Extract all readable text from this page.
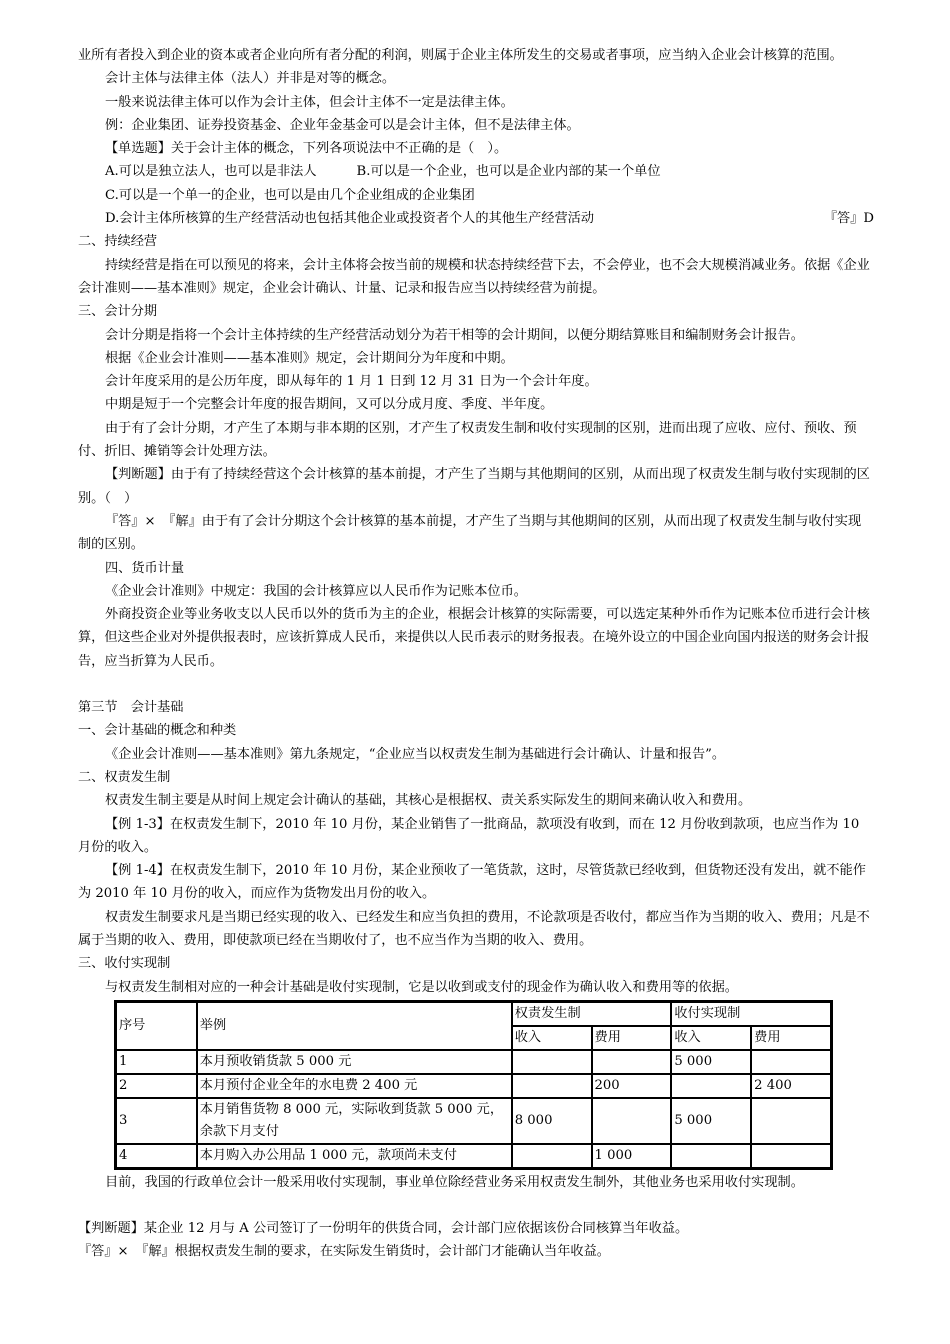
业所有者投入到企业的资本或者企业向所有者分配的利润，则属于企业主体所发生的交易或者事项，应当纳入企业会计核算的范围。

会计主体与法律主体（法人）并非是对等的概念。

一般来说法律主体可以作为会计主体，但会计主体不一定是法律主体。

例：企业集团、证券投资基金、企业年金基金可以是会计主体，但不是法律主体。

【单选题】关于会计主体的概念，下列各项说法中不正确的是（　）。

A.可以是独立法人，也可以是非法人	B.可以是一个企业，也可以是企业内部的某一个单位

C.可以是一个单一的企业，也可以是由几个企业组成的企业集团

D.会计主体所核算的生产经营活动也包括其他企业或投资者个人的其他生产经营活动	『答』D

二、持续经营

持续经营是指在可以预见的将来，会计主体将会按当前的规模和状态持续经营下去，不会停业，也不会大规模消减业务。依据《企业会计准则——基本准则》规定，企业会计确认、计量、记录和报告应当以持续经营为前提。

三、会计分期

会计分期是指将一个会计主体持续的生产经营活动划分为若干相等的会计期间，以便分期结算账目和编制财务会计报告。

根据《企业会计准则——基本准则》规定，会计期间分为年度和中期。

会计年度采用的是公历年度，即从每年的 1 月 1 日到 12 月 31 日为一个会计年度。

中期是短于一个完整会计年度的报告期间，又可以分成月度、季度、半年度。

由于有了会计分期，才产生了本期与非本期的区别，才产生了权责发生制和收付实现制的区别，进而出现了应收、应付、预收、预付、折旧、摊销等会计处理方法。

【判断题】由于有了持续经营这个会计核算的基本前提，才产生了当期与其他期间的区别，从而出现了权责发生制与收付实现制的区别。（　）

『答』×　『解』由于有了会计分期这个会计核算的基本前提，才产生了当期与其他期间的区别，从而出现了权责发生制与收付实现制的区别。

四、货币计量

《企业会计准则》中规定：我国的会计核算应以人民币作为记账本位币。

外商投资企业等业务收支以人民币以外的货币为主的企业，根据会计核算的实际需要，可以选定某种外币作为记账本位币进行会计核算，但这些企业对外提供报表时，应该折算成人民币，来提供以人民币表示的财务报表。在境外设立的中国企业向国内报送的财务会计报告，应当折算为人民币。

第三节　会计基础

一、会计基础的概念和种类

《企业会计准则——基本准则》第九条规定，“企业应当以权责发生制为基础进行会计确认、计量和报告”。

二、权责发生制

权责发生制主要是从时间上规定会计确认的基础，其核心是根据权、责关系实际发生的期间来确认收入和费用。

【例 1-3】在权责发生制下，2010 年 10 月份，某企业销售了一批商品，款项没有收到，而在 12 月份收到款项，也应当作为 10 月份的收入。

【例 1-4】在权责发生制下，2010 年 10 月份，某企业预收了一笔货款，这时，尽管货款已经收到，但货物还没有发出，就不能作为 2010 年 10 月份的收入，而应作为货物发出月份的收入。

权责发生制要求凡是当期已经实现的收入、已经发生和应当负担的费用，不论款项是否收付，都应当作为当期的收入、费用；凡是不属于当期的收入、费用，即使款项已经在当期收付了，也不应当作为当期的收入、费用。

三、收付实现制

与权责发生制相对应的一种会计基础是收付实现制，它是以收到或支付的现金作为确认收入和费用等的依据。

序号	举例	权责发生制		收付实现制	
		收入	费用	收入	费用
1	本月预收销货款 5 000 元			5 000	
2	本月预付企业全年的水电费 2 400 元		200		2 400
3	本月销售货物 8 000 元，实际收到货款 5 000 元，余款下月支付	8 000		5 000	
4	本月购入办公用品 1 000 元，款项尚未支付		1 000		

目前，我国的行政单位会计一般采用收付实现制，事业单位除经营业务采用权责发生制外，其他业务也采用收付实现制。

【判断题】某企业 12 月与 A 公司签订了一份明年的供货合同，会计部门应依据该份合同核算当年收益。

『答』×　『解』根据权责发生制的要求，在实际发生销货时，会计部门才能确认当年收益。
